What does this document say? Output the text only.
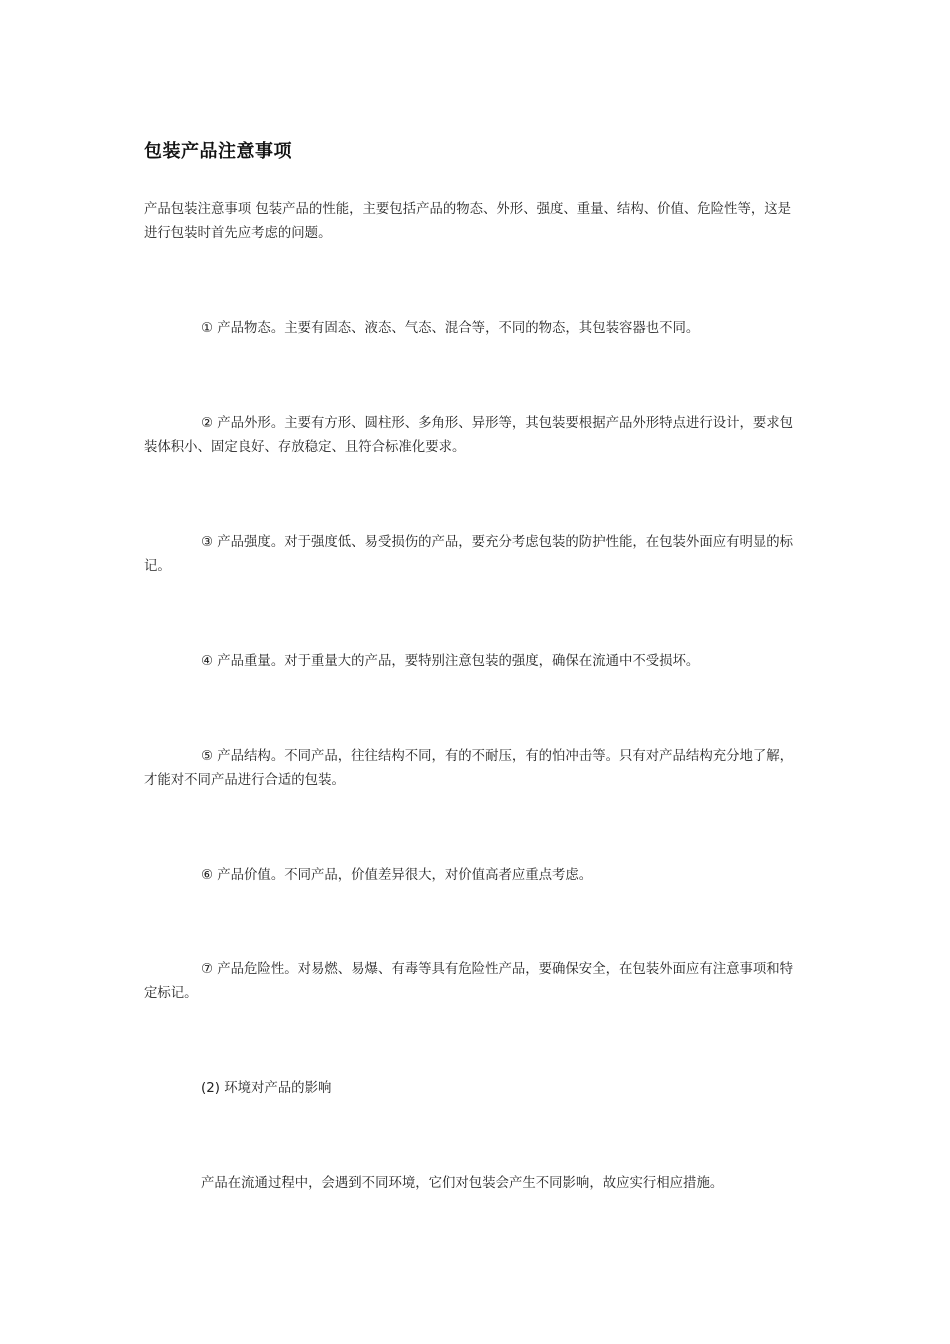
包装产品注意事项

产品包装注意事项 包装产品的性能，主要包括产品的物态、外形、强度、重量、结构、价值、危险性等，这是进行包装时首先应考虑的问题。

① 产品物态。主要有固态、液态、气态、混合等，不同的物态，其包装容器也不同。

② 产品外形。主要有方形、圆柱形、多角形、异形等，其包装要根据产品外形特点进行设计，要求包装体积小、固定良好、存放稳定、且符合标准化要求。

③ 产品强度。对于强度低、易受损伤的产品，要充分考虑包装的防护性能，在包装外面应有明显的标记。

④ 产品重量。对于重量大的产品，要特别注意包装的强度，确保在流通中不受损坏。

⑤ 产品结构。不同产品，往往结构不同，有的不耐压，有的怕冲击等。只有对产品结构充分地了解，才能对不同产品进行合适的包装。

⑥ 产品价值。不同产品，价值差异很大，对价值高者应重点考虑。

⑦ 产品危险性。对易燃、易爆、有毒等具有危险性产品，要确保安全，在包装外面应有注意事项和特定标记。

(2) 环境对产品的影响

产品在流通过程中，会遇到不同环境，它们对包装会产生不同影响，故应实行相应措施。
